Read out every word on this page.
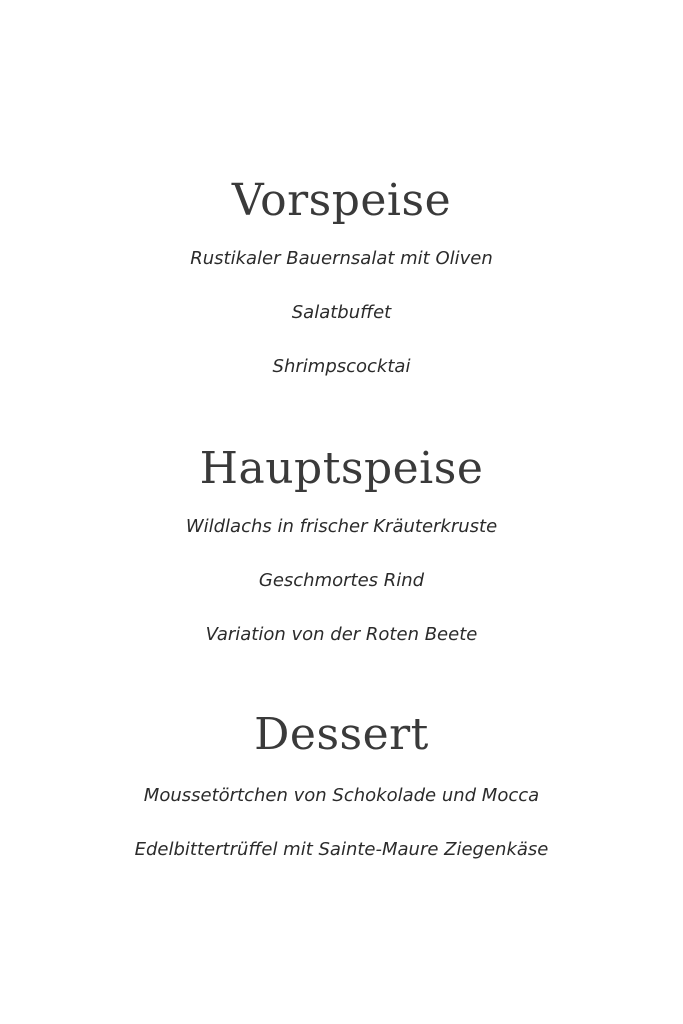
Vorspeise
Rustikaler Bauernsalat mit Oliven
Salatbuffet
Shrimpscocktai
Hauptspeise
Wildlachs in frischer Kräuterkruste
Geschmortes Rind
Variation von der Roten Beete
Dessert
Moussetörtchen von Schokolade und Mocca
Edelbittertrüffel mit Sainte-Maure Ziegenkäse
